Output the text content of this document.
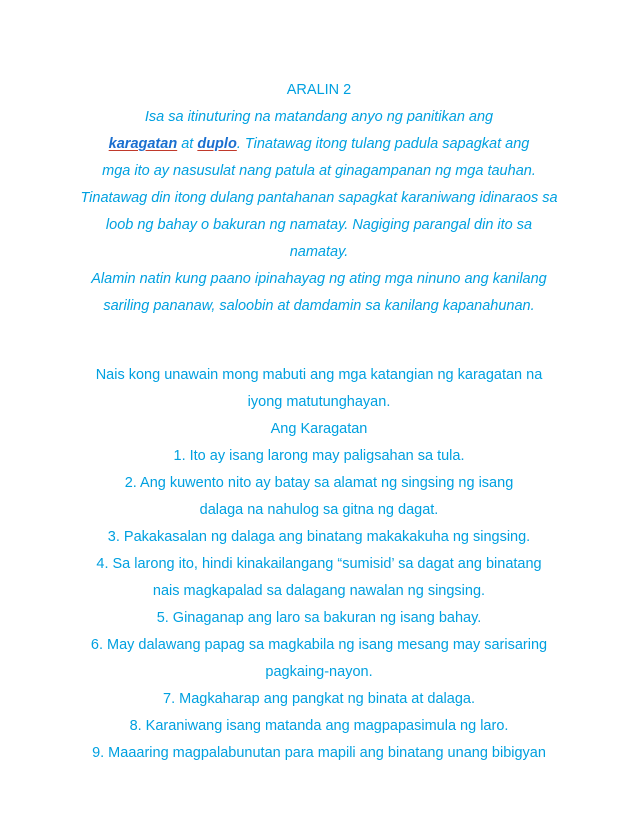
ARALIN 2
Isa sa itinuturing na matandang anyo ng panitikan ang
karagatan at duplo. Tinatawag itong tulang padula sapagkat ang
mga ito ay nasusulat nang patula at ginagampanan ng mga tauhan.
Tinatawag din itong dulang pantahanan sapagkat karaniwang idinaraos sa
loob ng bahay o bakuran ng namatay. Nagiging parangal din ito sa
namatay.
Alamin natin kung paano ipinahayag ng ating mga ninuno ang kanilang
sariling pananaw, saloobin at damdamin sa kanilang kapanahunan.
Nais kong unawain mong mabuti ang mga katangian ng karagatan na
iyong matutunghayan.
Ang Karagatan
1. Ito ay isang larong may paligsahan sa tula.
2. Ang kuwento nito ay batay sa alamat ng singsing ng isang
dalaga na nahulog sa gitna ng dagat.
3. Pakakasalan ng dalaga ang binatang makakakuha ng singsing.
4. Sa larong ito, hindi kinakailangang “sumisid’ sa dagat ang binatang
nais magkapalad sa dalagang nawalan ng singsing.
5. Ginaganap ang laro sa bakuran ng isang bahay.
6. May dalawang papag sa magkabila ng isang mesang may sarisaring
pagkaing-nayon.
7. Magkaharap ang pangkat ng binata at dalaga.
8. Karaniwang isang matanda ang magpapasimula ng laro.
9. Maaaring magpalabunutan para mapili ang binatang unang bibigyan
